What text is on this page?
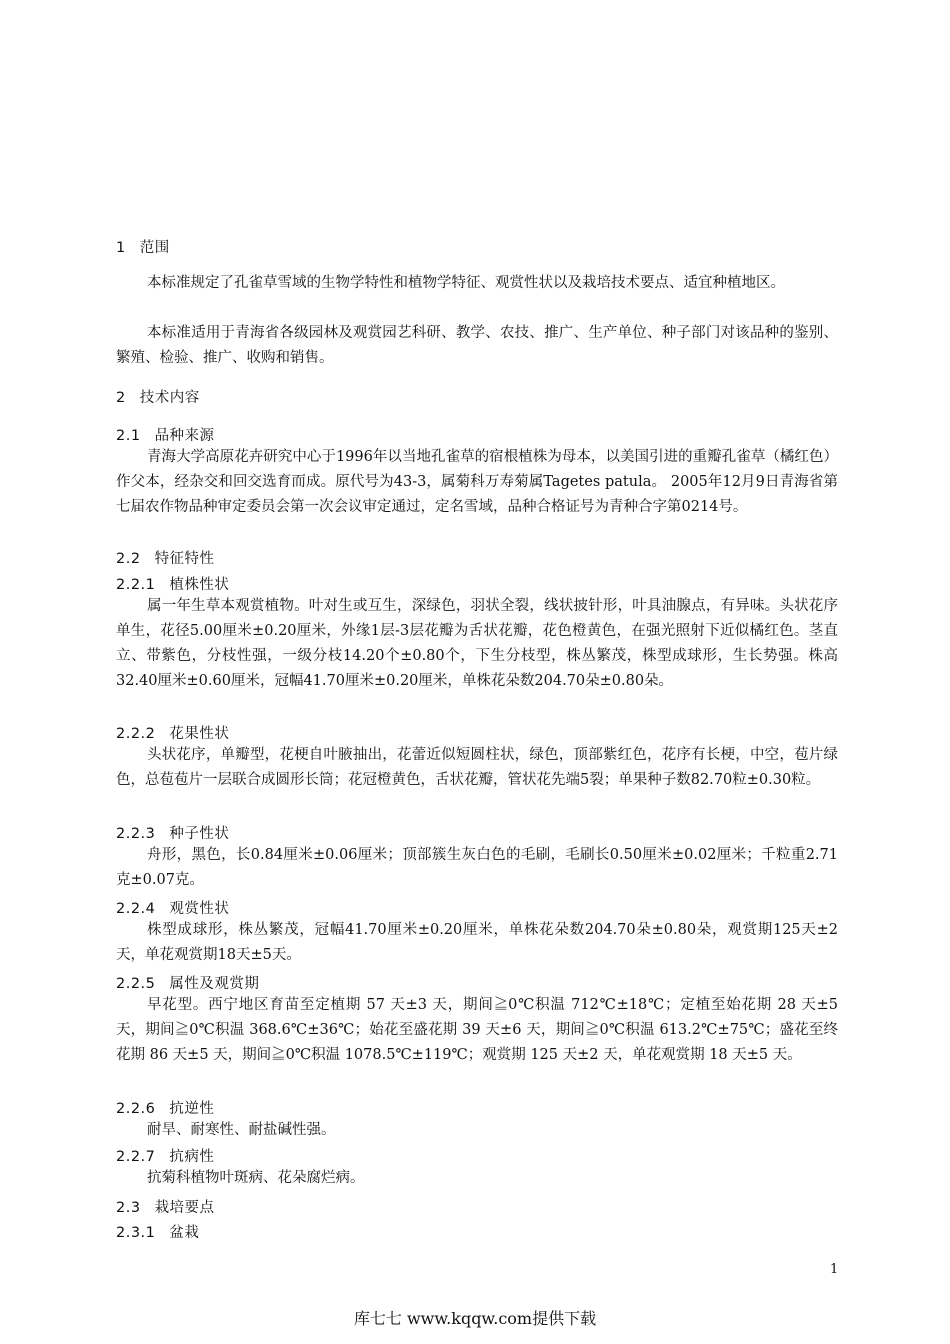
1 范围

本标准规定了孔雀草雪域的生物学特性和植物学特征、观赏性状以及栽培技术要点、适宜种植地区。

本标准适用于青海省各级园林及观赏园艺科研、教学、农技、推广、生产单位、种子部门对该品种的鉴别、繁殖、检验、推广、收购和销售。

2 技术内容
2.1 品种来源

青海大学高原花卉研究中心于1996年以当地孔雀草的宿根植株为母本，以美国引进的重瓣孔雀草（橘红色）作父本，经杂交和回交选育而成。原代号为43-3，属菊科万寿菊属Tagetes patula。 2005年12月9日青海省第七届农作物品种审定委员会第一次会议审定通过，定名雪域，品种合格证号为青种合字第0214号。

2.2 特征特性
2.2.1 植株性状

属一年生草本观赏植物。叶对生或互生，深绿色，羽状全裂，线状披针形，叶具油腺点，有异味。头状花序单生，花径5.00厘米±0.20厘米，外缘1层-3层花瓣为舌状花瓣，花色橙黄色，在强光照射下近似橘红色。茎直立、带紫色，分枝性强，一级分枝14.20个±0.80个，下生分枝型，株丛繁茂，株型成球形，生长势强。株高32.40厘米±0.60厘米，冠幅41.70厘米±0.20厘米，单株花朵数204.70朵±0.80朵。

2.2.2 花果性状

头状花序，单瓣型，花梗自叶腋抽出，花蕾近似短圆柱状，绿色，顶部紫红色，花序有长梗，中空，苞片绿色，总苞苞片一层联合成圆形长筒；花冠橙黄色，舌状花瓣，管状花先端5裂；单果种子数82.70粒±0.30粒。

2.2.3 种子性状

舟形，黑色，长0.84厘米±0.06厘米；顶部簇生灰白色的毛刷，毛刷长0.50厘米±0.02厘米；千粒重2.71克±0.07克。

2.2.4 观赏性状

株型成球形，株丛繁茂，冠幅41.70厘米±0.20厘米，单株花朵数204.70朵±0.80朵，观赏期125天±2天，单花观赏期18天±5天。

2.2.5 属性及观赏期

早花型。西宁地区育苗至定植期 57 天±3 天，期间≧0℃积温 712℃±18℃；定植至始花期 28 天±5 天，期间≧0℃积温 368.6℃±36℃；始花至盛花期 39 天±6 天，期间≧0℃积温 613.2℃±75℃；盛花至终花期 86 天±5 天，期间≧0℃积温 1078.5℃±119℃；观赏期 125 天±2 天，单花观赏期 18 天±5 天。

2.2.6 抗逆性

耐旱、耐寒性、耐盐碱性强。

2.2.7 抗病性

抗菊科植物叶斑病、花朵腐烂病。

2.3 栽培要点
2.3.1 盆栽
1
库七七 www.kqqw.com提供下载
